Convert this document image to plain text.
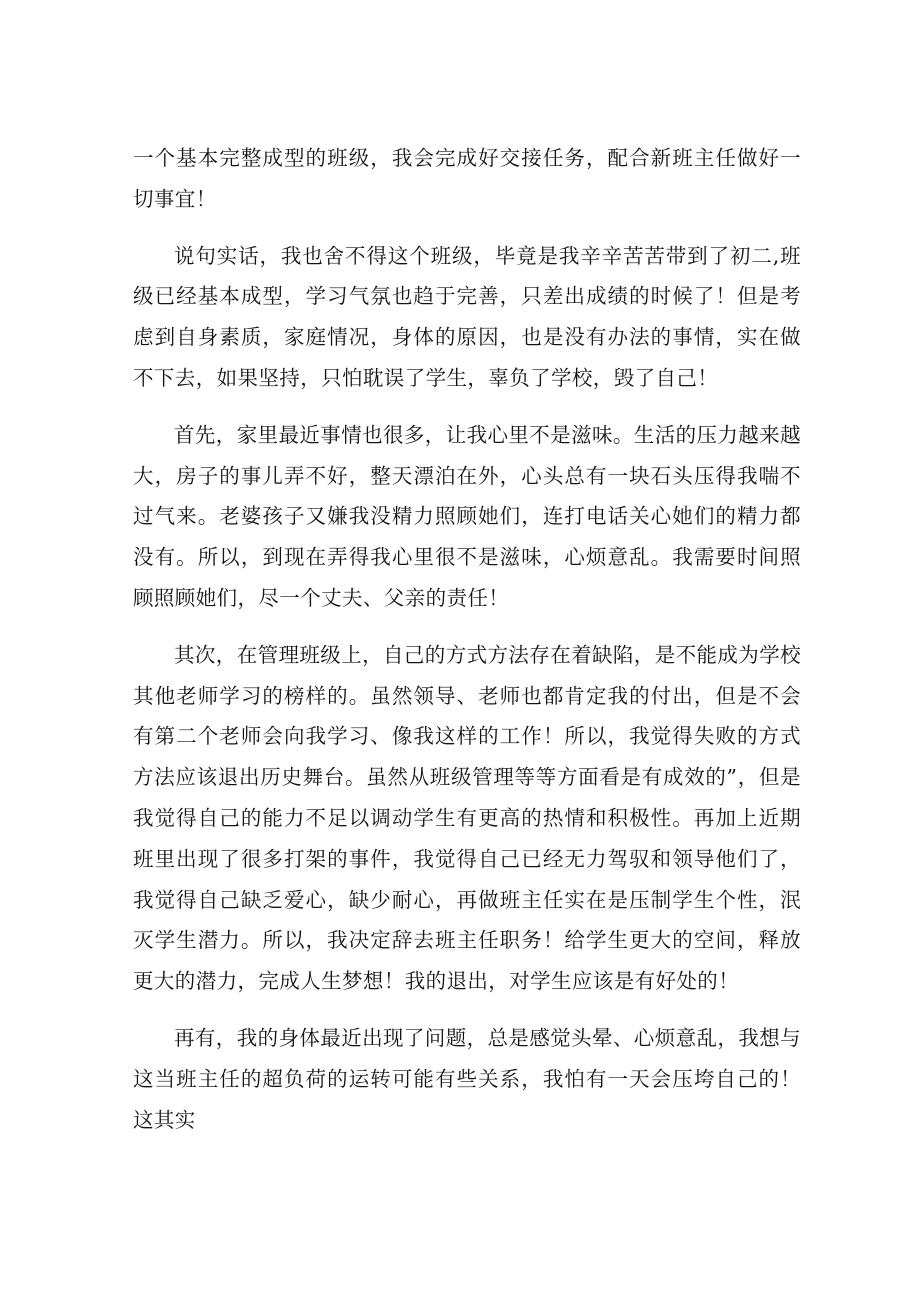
一个基本完整成型的班级，我会完成好交接任务，配合新班主任做好一切事宜！

说句实话，我也舍不得这个班级，毕竟是我辛辛苦苦带到了初二,班级已经基本成型，学习气氛也趋于完善，只差出成绩的时候了！但是考虑到自身素质，家庭情况，身体的原因，也是没有办法的事情，实在做不下去，如果坚持，只怕耽误了学生，辜负了学校，毁了自己！

首先，家里最近事情也很多，让我心里不是滋味。生活的压力越来越大，房子的事儿弄不好，整天漂泊在外，心头总有一块石头压得我喘不过气来。老婆孩子又嫌我没精力照顾她们，连打电话关心她们的精力都没有。所以，到现在弄得我心里很不是滋味，心烦意乱。我需要时间照顾照顾她们，尽一个丈夫、父亲的责任！

其次，在管理班级上，自己的方式方法存在着缺陷，是不能成为学校其他老师学习的榜样的。虽然领导、老师也都肯定我的付出，但是不会有第二个老师会向我学习、像我这样的工作！所以，我觉得失败的方式方法应该退出历史舞台。虽然从班级管理等等方面看是有成效的”，但是我觉得自己的能力不足以调动学生有更高的热情和积极性。再加上近期班里出现了很多打架的事件，我觉得自己已经无力驾驭和领导他们了，我觉得自己缺乏爱心，缺少耐心，再做班主任实在是压制学生个性，泯灭学生潜力。所以，我决定辞去班主任职务！给学生更大的空间，释放更大的潜力，完成人生梦想！我的退出，对学生应该是有好处的！

再有，我的身体最近出现了问题，总是感觉头晕、心烦意乱，我想与这当班主任的超负荷的运转可能有些关系，我怕有一天会压垮自己的！这其实
